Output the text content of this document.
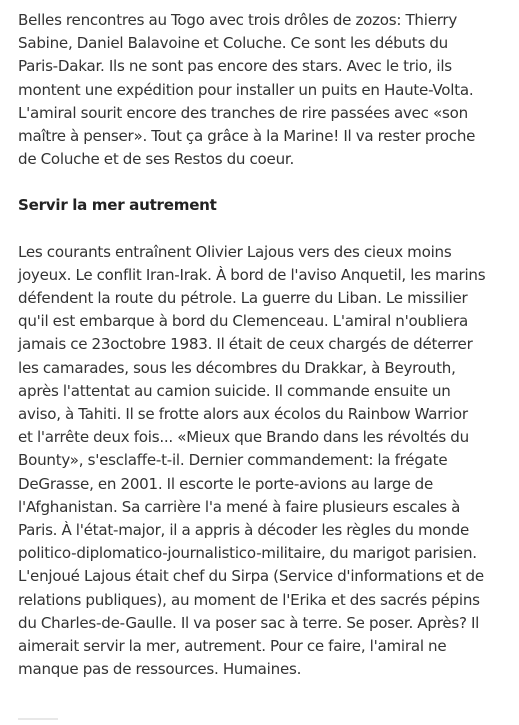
Belles rencontres au Togo avec trois drôles de zozos: Thierry
Sabine, Daniel Balavoine et Coluche. Ce sont les débuts du
Paris-Dakar. Ils ne sont pas encore des stars. Avec le trio, ils
montent une expédition pour installer un puits en Haute-Volta.
L'amiral sourit encore des tranches de rire passées avec «son
maître à penser». Tout ça grâce à la Marine! Il va rester proche
de Coluche et de ses Restos du coeur.

Servir la mer autrement

Les courants entraînent Olivier Lajous vers des cieux moins
joyeux. Le conflit Iran-Irak. À bord de l'aviso Anquetil, les marins
défendent la route du pétrole. La guerre du Liban. Le missilier
qu'il est embarque à bord du Clemenceau. L'amiral n'oubliera
jamais ce 23octobre 1983. Il était de ceux chargés de déterrer
les camarades, sous les décombres du Drakkar, à Beyrouth,
après l'attentat au camion suicide. Il commande ensuite un
aviso, à Tahiti. Il se frotte alors aux écolos du Rainbow Warrior
et l'arrête deux fois... «Mieux que Brando dans les révoltés du
Bounty», s'esclaffe-t-il. Dernier commandement: la frégate
DeGrasse, en 2001. Il escorte le porte-avions au large de
l'Afghanistan. Sa carrière l'a mené à faire plusieurs escales à
Paris. À l'état-major, il a appris à décoder les règles du monde
politico-diplomatico-journalistico-militaire, du marigot parisien.
L'enjoué Lajous était chef du Sirpa (Service d'informations et de
relations publiques), au moment de l'Erika et des sacrés pépins
du Charles-de-Gaulle. Il va poser sac à terre. Se poser. Après? Il
aimerait servir la mer, autrement. Pour ce faire, l'amiral ne
manque pas de ressources. Humaines.
